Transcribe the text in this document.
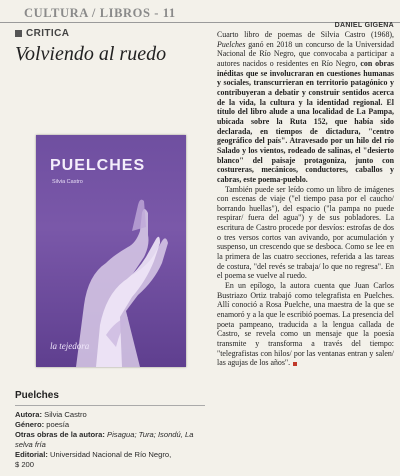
CULTURA / LIBROS - 11
CRITICA
Volviendo al ruedo
PUELCHES
Silvia Castro
la tejedora
Puelches
Autora: Silvia Castro
Género: poesía
Otras obras de la autora: Pisagua; Tura; Isondú, La selva fría
Editorial: Universidad Nacional de Río Negro,
$ 200
DANIEL GIGENA

Cuarto libro de poemas de Silvia Castro (1968), Puelches ganó en 2018 un concurso de la Universidad Nacional de Río Negro, que convocaba a participar a autores nacidos o residentes en Río Negro, con obras inéditas que se involucraran en cuestiones humanas y sociales, transcurrieran en territorio patagónico y contribuyeran a debatir y construir sentidos acerca de la vida, la cultura y la identidad regional. El título del libro alude a una localidad de La Pampa, ubicada sobre la Ruta 152, que había sido declarada, en tiempos de dictadura, "centro geográfico del país". Atravesado por un hilo del río Salado y los vientos, rodeado de salinas, el "desierto blanco" del paisaje protagoniza, junto con costureras, mecánicos, conductores, caballos y cabras, este poema-pueblo.

También puede ser leído como un libro de imágenes con escenas de viaje ("el tiempo pasa por el caucho/ borrando huellas"), del espacio ("la pampa no puede respirar/ fuera del agua") y de sus pobladores. La escritura de Castro procede por desvíos: estrofas de dos o tres versos cortos van avivando, por acumulación y suspenso, un crescendo que se desboca. Como se lee en la primera de las cuatro secciones, referida a las tareas de costura, "del revés se trabaja/ lo que no regresa". En el poema se vuelve al ruedo.

En un epílogo, la autora cuenta que Juan Carlos Bustriazo Ortiz trabajó como telegrafista en Puelches. Allí conoció a Rosa Puelche, una maestra de la que se enamoró y a la que le escribió poemas. La presencia del poeta pampeano, traducida a la lengua callada de Castro, se revela como un mensaje que la poesía transmite y transforma a través del tiempo: "telegrafistas con hilos/ por las ventanas entran y salen/ las agujas de los años".
